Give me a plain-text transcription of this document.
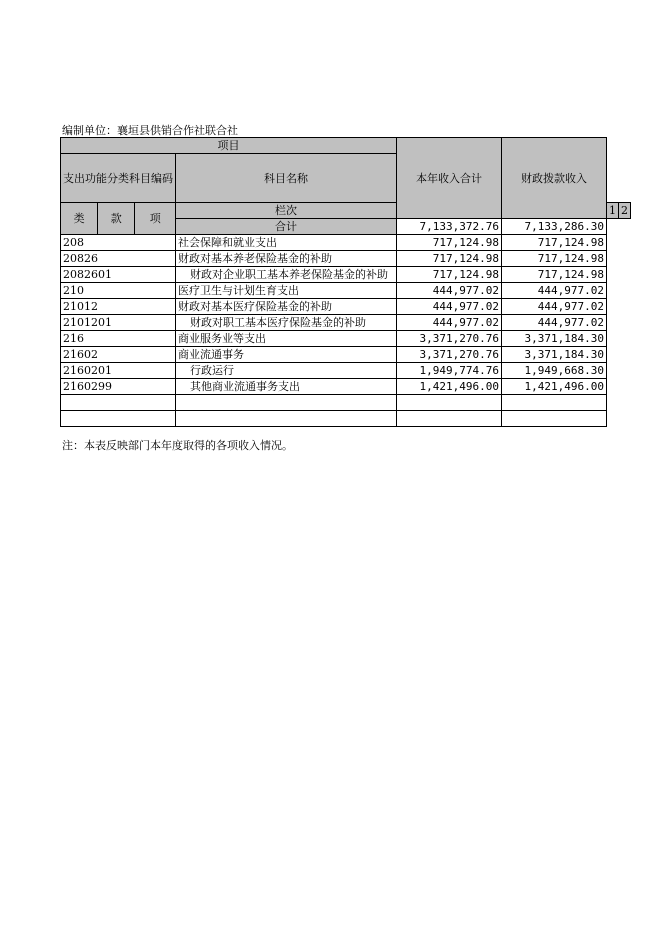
编制单位：襄垣县供销合作社联合社
项目				本年收入合计	财政拨款收入		
支出功能分类科目编码			科目名称				
类	款	项	栏次			1	2
			合计	7,133,372.76	7,133,286.30		
208			社会保障和就业支出	717,124.98	717,124.98		
20826			财政对基本养老保险基金的补助	717,124.98	717,124.98		
2082601			财政对企业职工基本养老保险基金的补助	717,124.98	717,124.98		
210			医疗卫生与计划生育支出	444,977.02	444,977.02		
21012			财政对基本医疗保险基金的补助	444,977.02	444,977.02		
2101201			财政对职工基本医疗保险基金的补助	444,977.02	444,977.02		
216			商业服务业等支出	3,371,270.76	3,371,184.30		
21602			商业流通事务	3,371,270.76	3,371,184.30		
2160201			行政运行	1,949,774.76	1,949,668.30		
2160299			其他商业流通事务支出	1,421,496.00	1,421,496.00		

注：本表反映部门本年度取得的各项收入情况。
